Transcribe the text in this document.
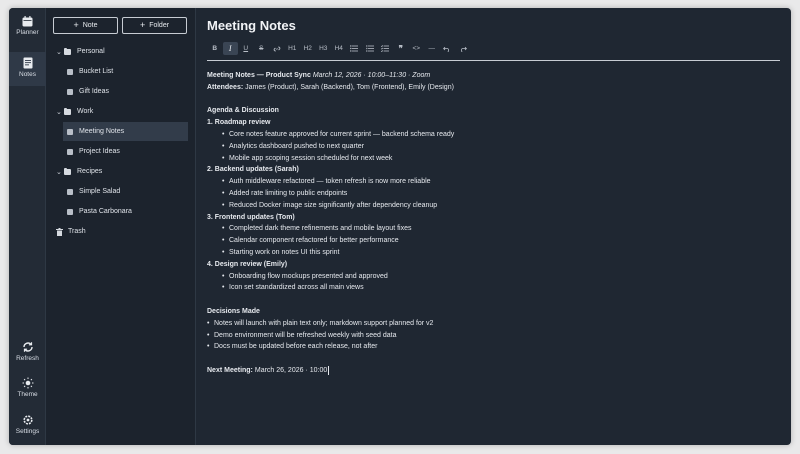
Planner
Notes
Refresh
Theme
Settings
+ Note	+ Folder
⌄	Personal
Bucket List
Gift Ideas
⌄	Work
Meeting Notes
Project Ideas
⌄	Recipes
Simple Salad
Pasta Carbonara
Trash
Meeting Notes
B	I	U	S	H1	H2	H3	H4	❞ <> —
Meeting Notes — Product Sync March 12, 2026 · 10:00–11:30 · Zoom
Attendees: James (Product), Sarah (Backend), Tom (Frontend), Emily (Design)
Agenda & Discussion
1. Roadmap review
• Core notes feature approved for current sprint — backend schema ready
• Analytics dashboard pushed to next quarter
• Mobile app scoping session scheduled for next week
2. Backend updates (Sarah)
• Auth middleware refactored — token refresh is now more reliable
• Added rate limiting to public endpoints
• Reduced Docker image size significantly after dependency cleanup
3. Frontend updates (Tom)
• Completed dark theme refinements and mobile layout fixes
• Calendar component refactored for better performance
• Starting work on notes UI this sprint
4. Design review (Emily)
• Onboarding flow mockups presented and approved
• Icon set standardized across all main views
Decisions Made
• Notes will launch with plain text only; markdown support planned for v2
• Demo environment will be refreshed weekly with seed data
• Docs must be updated before each release, not after
Next Meeting: March 26, 2026 · 10:00
